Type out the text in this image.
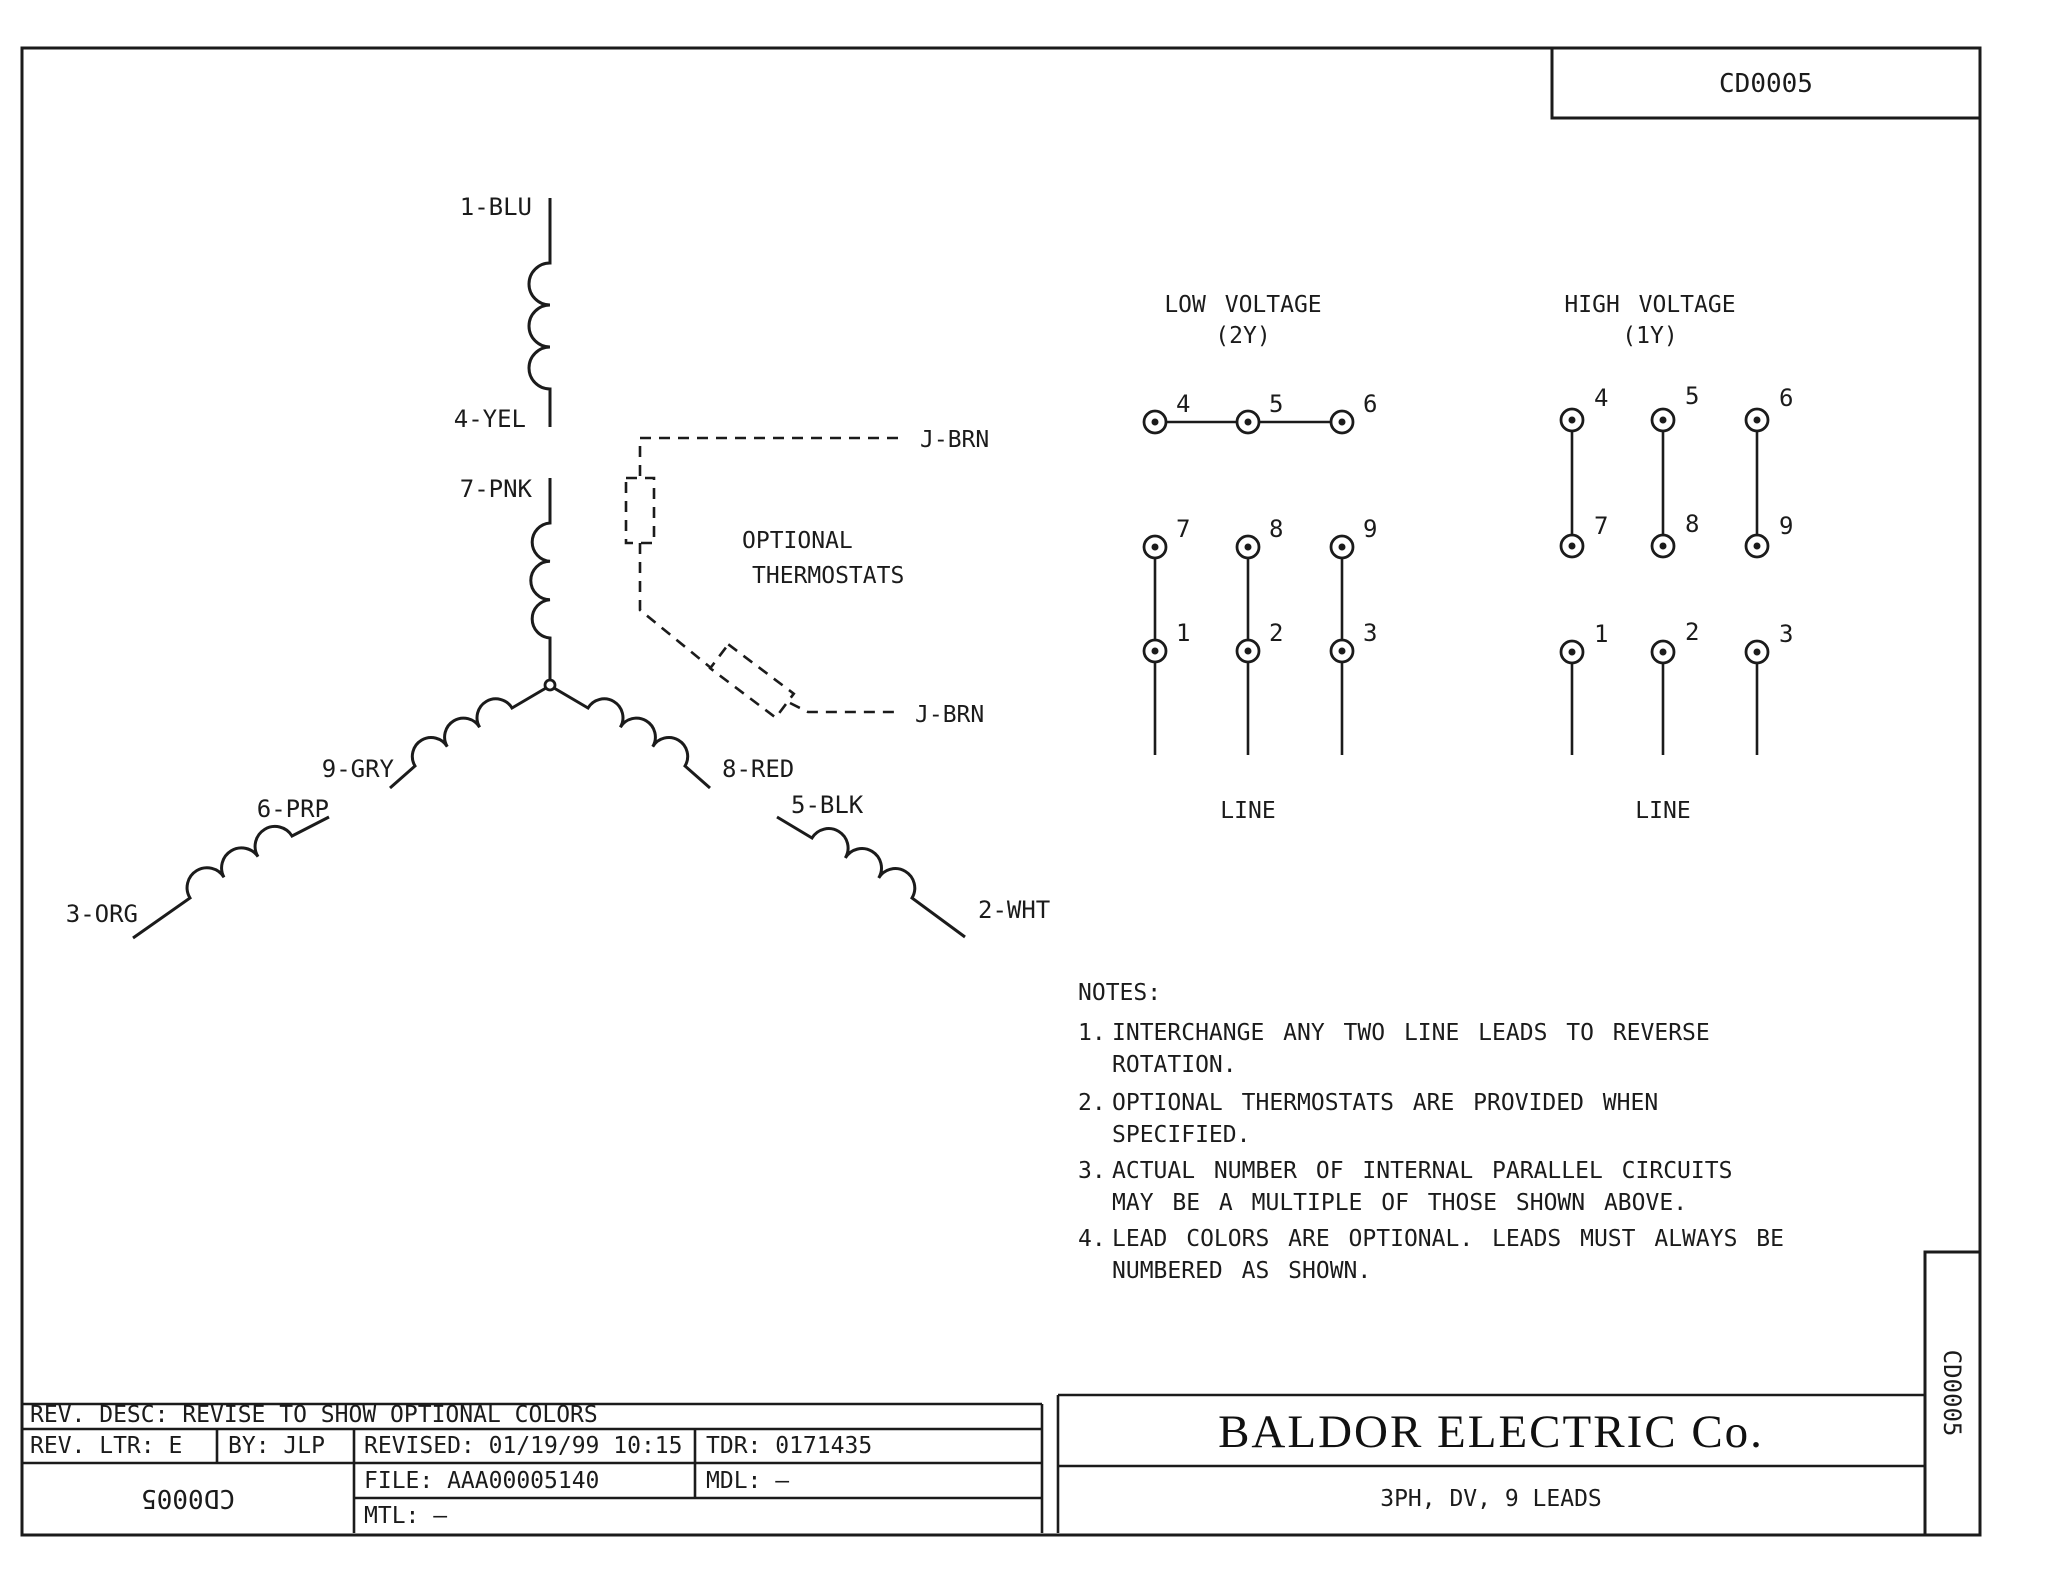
CD0005
CD0005
1-BLU
4-YEL
7-PNK
9-GRY
6-PRP
3-ORG
8-RED
5-BLK
2-WHT
J-BRN
J-BRN
OPTIONAL
THERMOSTATS
LOW VOLTAGE
(2Y)
4	5	6
7	8	9
1	2	3
LINE
HIGH VOLTAGE
(1Y)
4	5	6
7	8	9
1	2	3
LINE
NOTES:
1. INTERCHANGE ANY TWO LINE LEADS TO REVERSE
ROTATION.
2. OPTIONAL THERMOSTATS ARE PROVIDED WHEN
SPECIFIED.
3. ACTUAL NUMBER OF INTERNAL PARALLEL CIRCUITS
MAY BE A MULTIPLE OF THOSE SHOWN ABOVE.
4. LEAD COLORS ARE OPTIONAL. LEADS MUST ALWAYS BE
NUMBERED AS SHOWN.
REV. DESC: REVISE TO SHOW OPTIONAL COLORS
REV. LTR: E BY: JLP REVISED: 01/19/99 10:15 TDR: 0171435
FILE: AAA00005140	MDL: –
MTL: –
CD0005
BALDOR ELECTRIC Co.
3PH, DV, 9 LEADS
